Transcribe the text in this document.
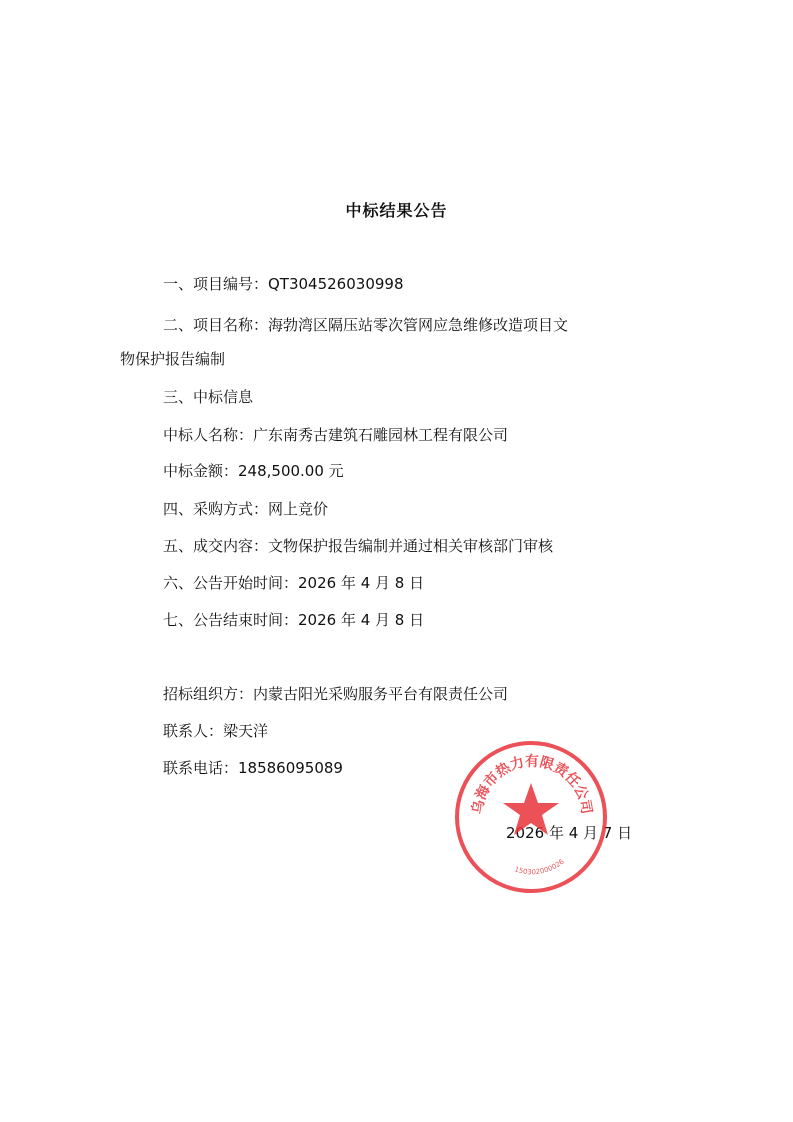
中标结果公告
一、项目编号：QT304526030998
二、项目名称：海勃湾区隔压站零次管网应急维修改造项目文
物保护报告编制
三、中标信息
中标人名称：广东南秀古建筑石雕园林工程有限公司
中标金额：248,500.00 元
四、采购方式：网上竞价
五、成交内容：文物保护报告编制并通过相关审核部门审核
六、公告开始时间：2026 年 4 月 8 日
七、公告结束时间：2026 年 4 月 8 日
招标组织方：内蒙古阳光采购服务平台有限责任公司
联系人：梁天洋
联系电话：18586095089
2026 年 4 月 7 日
乌海市热力有限责任公司
150302000026
